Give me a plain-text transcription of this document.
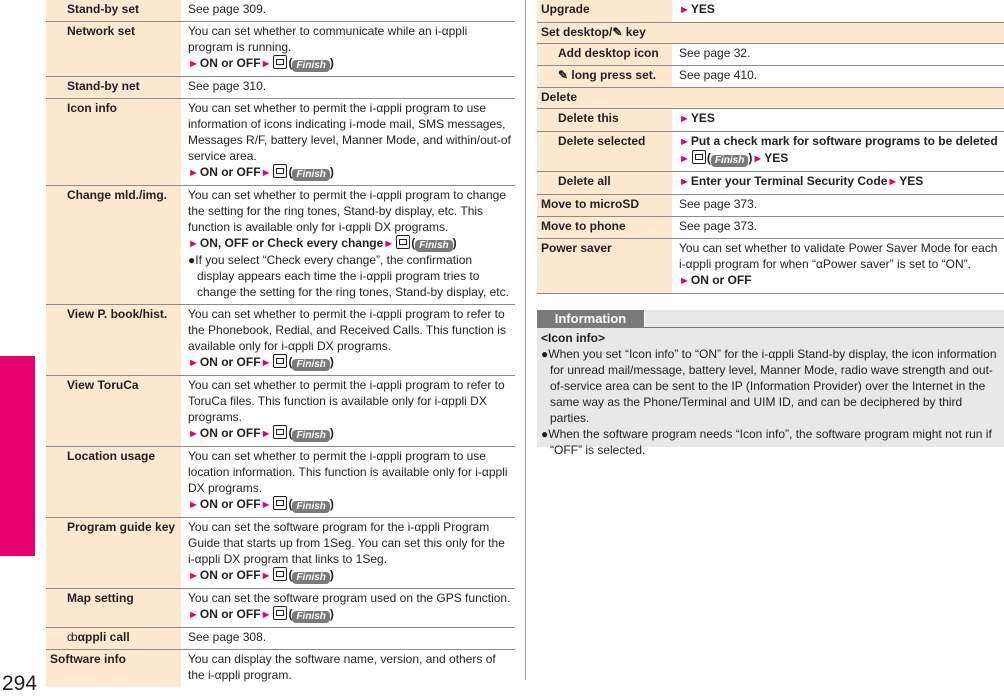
i-αppli/i-Widget
294
Stand-by set	See page 309.
Network set	You can set whether to communicate while an i-αppli program is running.
►ON or OFF► ( Finish )
Stand-by net	See page 310.
Icon info	You can set whether to permit the i-αppli program to use information of icons indicating i-mode mail, SMS messages, Messages R/F, battery level, Manner Mode, and within/out-of service area.
►ON or OFF► ( Finish )
Change mld./img.	You can set whether to permit the i-αppli program to change the setting for the ring tones, Stand-by display, etc. This function is available only for i-αppli DX programs.
►ON, OFF or Check every change► ( Finish )
●If you select “Check every change”, the confirmation display appears each time the i-αppli program tries to change the setting for the ring tones, Stand-by display, etc.
View P. book/hist.	You can set whether to permit the i-αppli program to refer to the Phonebook, Redial, and Received Calls. This function is available only for i-αppli DX programs.
►ON or OFF► ( Finish )
View ToruCa	You can set whether to permit the i-αppli program to refer to ToruCa files. This function is available only for i-αppli DX programs.
►ON or OFF► ( Finish )
Location usage	You can set whether to permit the i-αppli program to use location information. This function is available only for i-αppli DX programs.
►ON or OFF► ( Finish )
Program guide key	You can set the software program for the i-αppli Program Guide that starts up from 1Seg. You can set this only for the i-αppli DX program that links to 1Seg.
►ON or OFF► ( Finish )
Map setting	You can set the software program used on the GPS function.
►ON or OFF► ( Finish )
ȸαppli call	See page 308.
Software info	You can display the software name, version, and others of the i-αppli program.
Upgrade	►YES
Set desktop/✎ key
Add desktop icon	See page 32.
✎ long press set.	See page 410.
Delete
Delete this	►YES
Delete selected	►Put a check mark for software programs to be deleted
► ( Finish )►YES
Delete all	►Enter your Terminal Security Code►YES
Move to microSD	See page 373.
Move to phone	See page 373.
Power saver	You can set whether to validate Power Saver Mode for each i-αppli program for when “αPower saver” is set to “ON”.
►ON or OFF
Information
<Icon info>
●When you set “Icon info” to “ON” for the i-αppli Stand-by display, the icon information for unread mail/message, battery level, Manner Mode, radio wave strength and out-of-service area can be sent to the IP (Information Provider) over the Internet in the same way as the Phone/Terminal and UIM ID, and can be deciphered by third parties.
●When the software program needs “Icon info”, the software program might not run if “OFF” is selected.
